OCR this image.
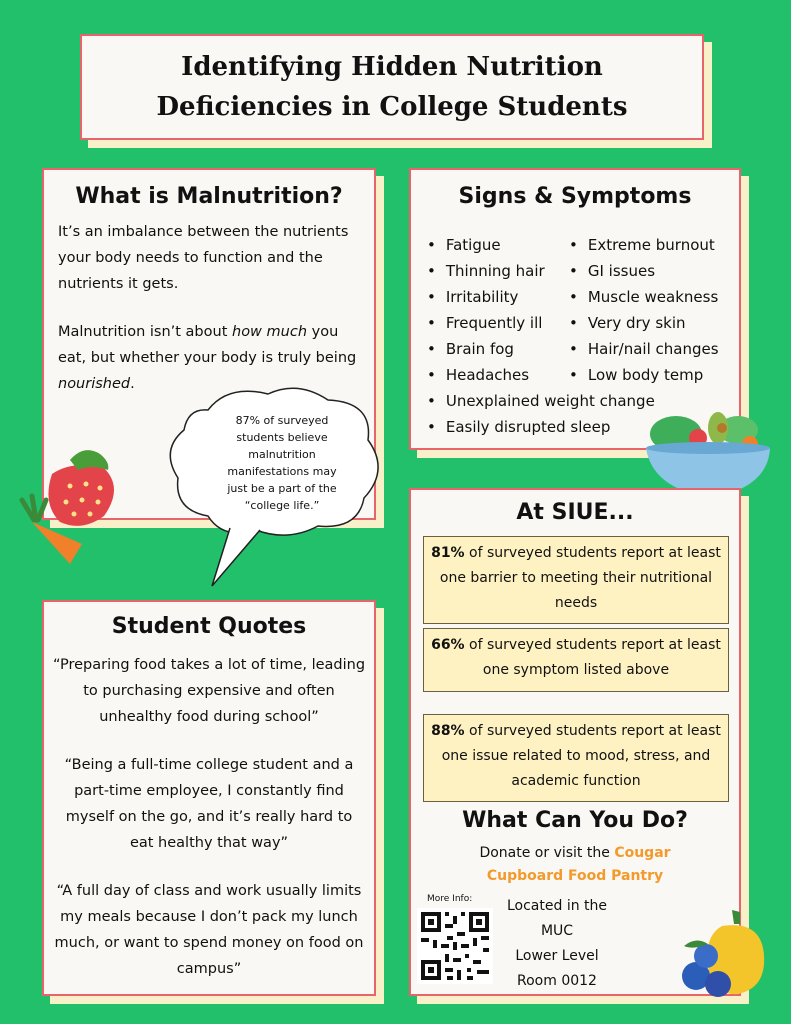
Identifying Hidden Nutrition
Deficiencies in College Students
What is Malnutrition?
It’s an imbalance between the nutrients your body needs to function and the nutrients it gets.
Malnutrition isn’t about how much you eat, but whether your body is truly being nourished.
87% of surveyed students believe malnutrition manifestations may just be a part of the “college life.”
Signs & Symptoms
• Fatigue
• Thinning hair
• Irritability
• Frequently ill
• Brain fog
• Headaches
• Unexplained weight change
• Easily disrupted sleep
• Extreme burnout
• GI issues
• Muscle weakness
• Very dry skin
• Hair/nail changes
• Low body temp
At SIUE...
81% of surveyed students report at least one barrier to meeting their nutritional needs
66% of surveyed students report at least one symptom listed above
88% of surveyed students report at least one issue related to mood, stress, and academic function
What Can You Do?
Donate or visit the Cougar
Cupboard Food Pantry
More Info: Located in the
MUC
Lower Level
Room 0012
Student Quotes
“Preparing food takes a lot of time, leading to purchasing expensive and often unhealthy food during school”
“Being a full-time college student and a part-time employee, I constantly find myself on the go, and it’s really hard to eat healthy that way”
“A full day of class and work usually limits my meals because I don’t pack my lunch much, or want to spend money on food on campus”
